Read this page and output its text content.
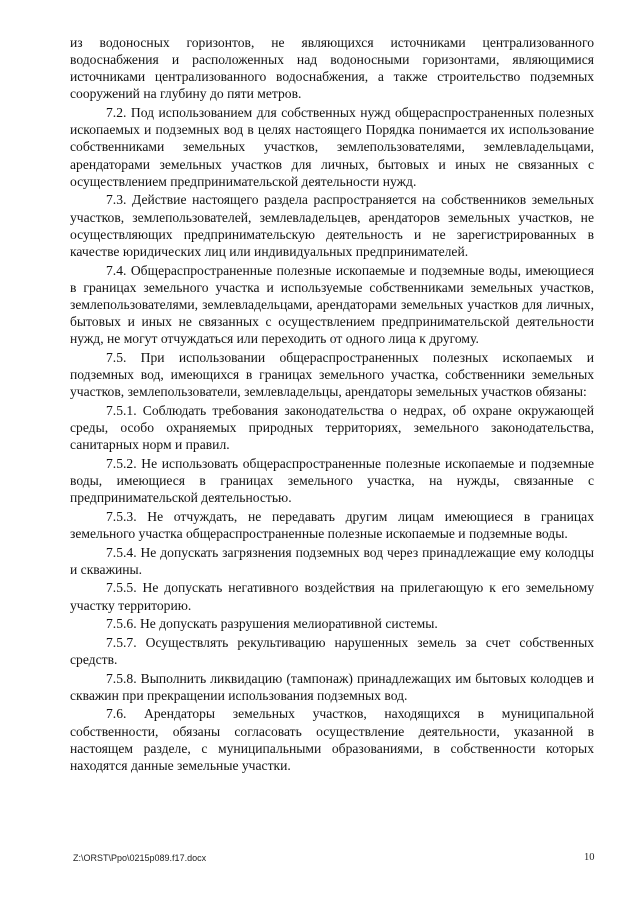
из водоносных горизонтов, не являющихся источниками централизованного водоснабжения и расположенных над водоносными горизонтами, являющимися источниками централизованного водоснабжения, а также строительство подземных сооружений на глубину до пяти метров.

7.2. Под использованием для собственных нужд общераспространенных полезных ископаемых и подземных вод в целях настоящего Порядка понимается их использование собственниками земельных участков, землепользователями, землевладельцами, арендаторами земельных участков для личных, бытовых и иных не связанных с осуществлением предпринимательской деятельности нужд.

7.3. Действие настоящего раздела распространяется на собственников земельных участков, землепользователей, землевладельцев, арендаторов земельных участков, не осуществляющих предпринимательскую деятельность и не зарегистрированных в качестве юридических лиц или индивидуальных предпринимателей.

7.4. Общераспространенные полезные ископаемые и подземные воды, имеющиеся в границах земельного участка и используемые собственниками земельных участков, землепользователями, землевладельцами, арендаторами земельных участков для личных, бытовых и иных не связанных с осуществлением предпринимательской деятельности нужд, не могут отчуждаться или переходить от одного лица к другому.

7.5. При использовании общераспространенных полезных ископаемых и подземных вод, имеющихся в границах земельного участка, собственники земельных участков, землепользователи, землевладельцы, арендаторы земельных участков обязаны:

7.5.1. Соблюдать требования законодательства о недрах, об охране окружающей среды, особо охраняемых природных территориях, земельного законодательства, санитарных норм и правил.

7.5.2. Не использовать общераспространенные полезные ископаемые и подземные воды, имеющиеся в границах земельного участка, на нужды, связанные с предпринимательской деятельностью.

7.5.3. Не отчуждать, не передавать другим лицам имеющиеся в границах земельного участка общераспространенные полезные ископаемые и подземные воды.

7.5.4. Не допускать загрязнения подземных вод через принадлежащие ему колодцы и скважины.

7.5.5. Не допускать негативного воздействия на прилегающую к его земельному участку территорию.

7.5.6. Не допускать разрушения мелиоративной системы.

7.5.7. Осуществлять рекультивацию нарушенных земель за счет собственных средств.

7.5.8. Выполнить ликвидацию (тампонаж) принадлежащих им бытовых колодцев и скважин при прекращении использования подземных вод.

7.6. Арендаторы земельных участков, находящихся в муниципальной собственности, обязаны согласовать осуществление деятельности, указанной в настоящем разделе, с муниципальными образованиями, в собственности которых находятся данные земельные участки.

Z:\ORST\Ppo\0215p089.f17.docx	10
